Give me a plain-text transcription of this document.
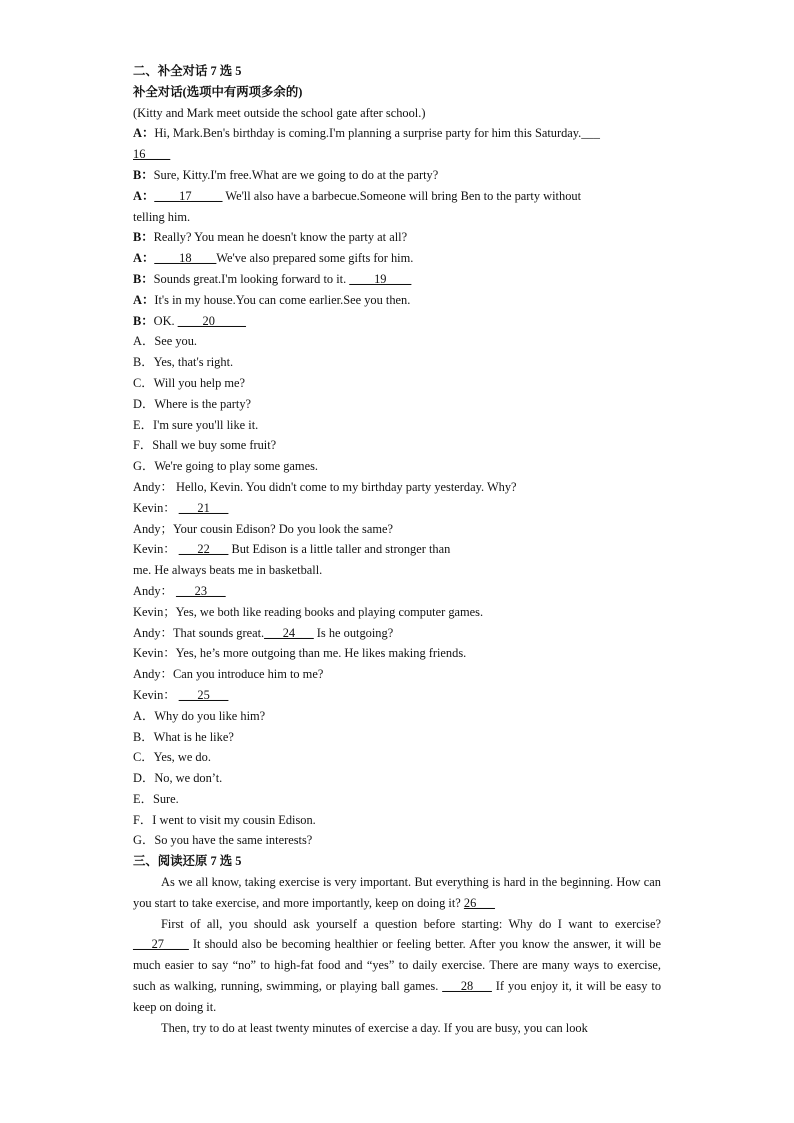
二、补全对话 7 选 5
补全对话(选项中有两项多余的)
(Kitty and Mark meet outside the school gate after school.)
A：Hi, Mark.Ben's birthday is coming.I'm planning a surprise party for him this Saturday.___
16____
B：Sure, Kitty.I'm free.What are we going to do at the party?
A：____17_____ We'll also have a barbecue.Someone will bring Ben to the party without
telling him.
B：Really? You mean he doesn't know the party at all?
A：____18____We've also prepared some gifts for him.
B：Sounds great.I'm looking forward to it. ____19____
A：It's in my house.You can come earlier.See you then.
B：OK. ____20_____
A．See you.
B．Yes, that's right.
C．Will you help me?
D．Where is the party?
E．I'm sure you'll like it.
F．Shall we buy some fruit?
G．We're going to play some games.
Andy： Hello, Kevin. You didn't come to my birthday party yesterday. Why?
Kevin： ___21___
Andy；Your cousin Edison? Do you look the same?
Kevin： ___22___ But Edison is a little taller and stronger than
me. He always beats me in basketball.
Andy： ___23___
Kevin；Yes, we both like reading books and playing computer games.
Andy：That sounds great.___24___ Is he outgoing?
Kevin：Yes, he’s more outgoing than me. He likes making friends.
Andy：Can you introduce him to me?
Kevin： ___25___
A．Why do you like him?
B．What is he like?
C．Yes, we do.
D．No, we don’t.
E．Sure.
F．I went to visit my cousin Edison.
G．So you have the same interests?
三、阅读还原 7 选 5
As we all know, taking exercise is very important. But everything is hard in the beginning. How can you start to take exercise, and more importantly, keep on doing it? 26___
First of all, you should ask yourself a question before starting: Why do I want to exercise? ___27____ It should also be becoming healthier or feeling better. After you know the answer, it will be much easier to say “no” to high-fat food and “yes” to daily exercise. There are many ways to exercise, such as walking, running, swimming, or playing ball games. ___28___ If you enjoy it, it will be easy to keep on doing it.
Then, try to do at least twenty minutes of exercise a day. If you are busy, you can look
